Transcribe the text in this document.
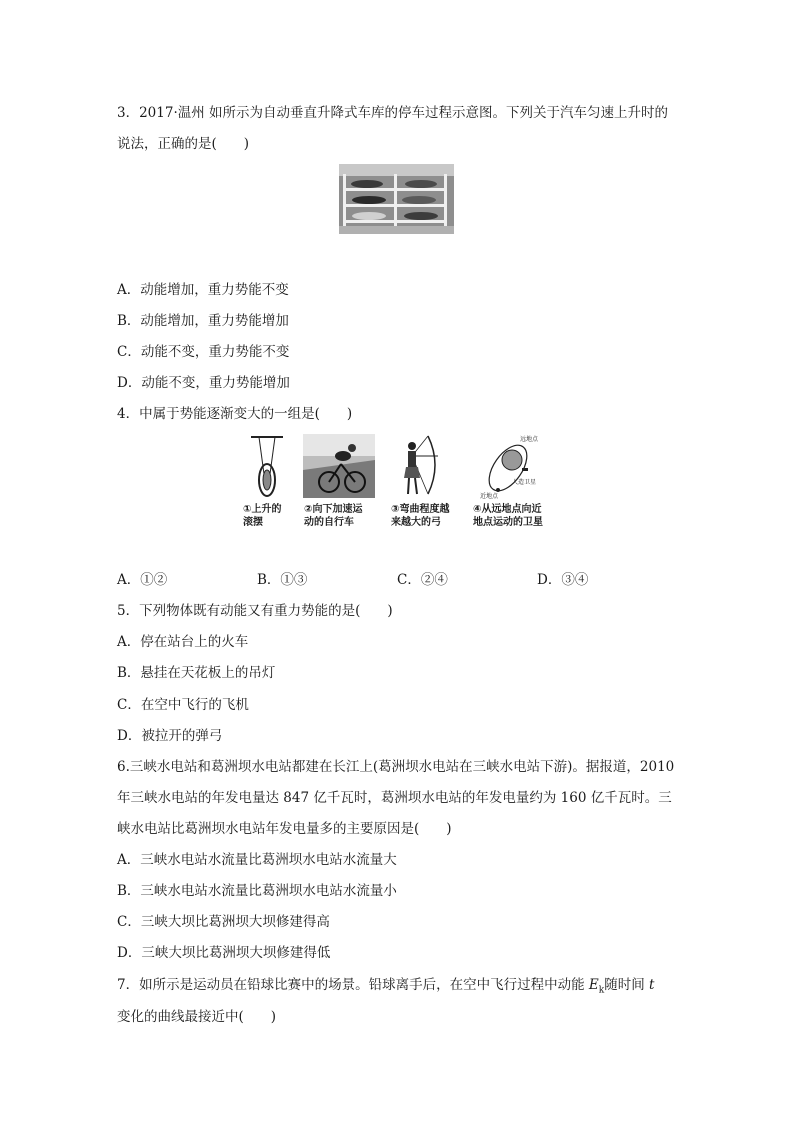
3．2017·温州 如所示为自动垂直升降式车库的停车过程示意图。下列关于汽车匀速上升时的
说法，正确的是(　　)
A．动能增加，重力势能不变
B．动能增加，重力势能增加
C．动能不变，重力势能不变
D．动能不变，重力势能增加
4．中属于势能逐渐变大的一组是(　　)
①上升的
滚摆
②向下加速运
动的自行车
③弯曲程度越
来越大的弓
远地点
人造卫星
近地点
④从远地点向近
地点运动的卫星
A．①②	B．①③	C．②④	D．③④
5．下列物体既有动能又有重力势能的是(　　)
A．停在站台上的火车
B．悬挂在天花板上的吊灯
C．在空中飞行的飞机
D．被拉开的弹弓
6.三峡水电站和葛洲坝水电站都建在长江上(葛洲坝水电站在三峡水电站下游)。据报道，2010
年三峡水电站的年发电量达 847 亿千瓦时，葛洲坝水电站的年发电量约为 160 亿千瓦时。三
峡水电站比葛洲坝水电站年发电量多的主要原因是(　　)
A．三峡水电站水流量比葛洲坝水电站水流量大
B．三峡水电站水流量比葛洲坝水电站水流量小
C．三峡大坝比葛洲坝大坝修建得高
D．三峡大坝比葛洲坝大坝修建得低
7．如所示是运动员在铅球比赛中的场景。铅球离手后，在空中飞行过程中动能 $E_k$随时间 t
变化的曲线最接近中(　　)
